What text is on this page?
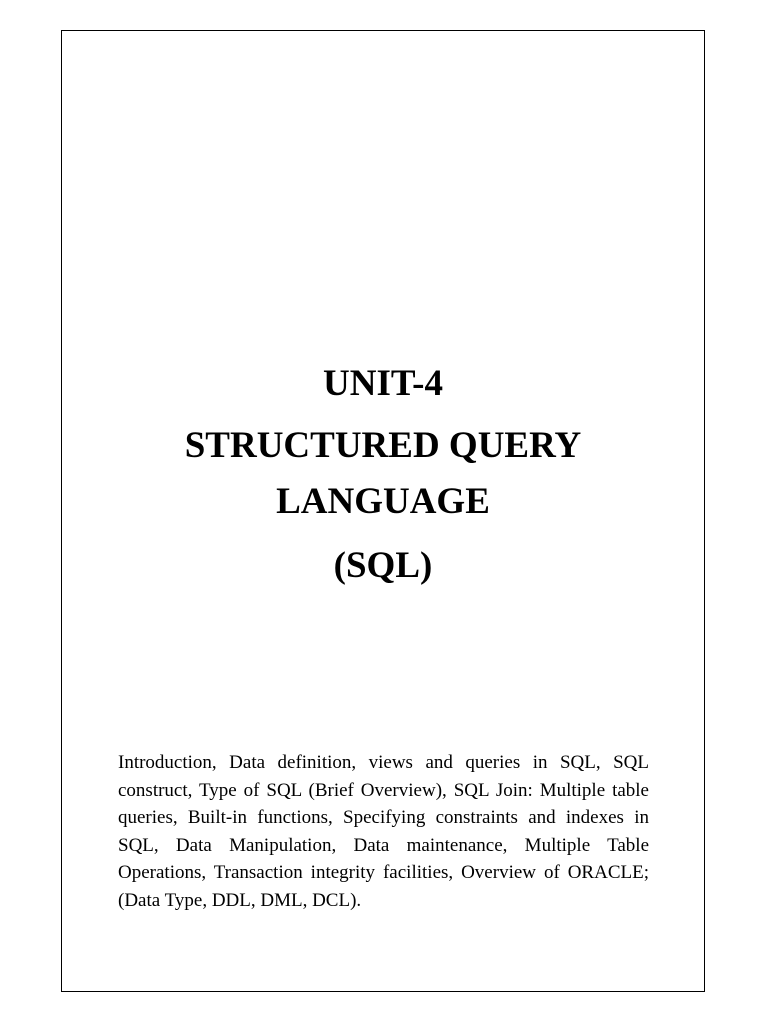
UNIT-4

STRUCTURED QUERY

LANGUAGE

(SQL)

Introduction, Data definition, views and queries in SQL, SQL construct, Type of SQL (Brief Overview), SQL Join: Multiple table queries, Built-in functions, Specifying constraints and indexes in SQL, Data Manipulation, Data maintenance, Multiple Table Operations, Transaction integrity facilities, Overview of ORACLE; (Data Type, DDL, DML, DCL).
